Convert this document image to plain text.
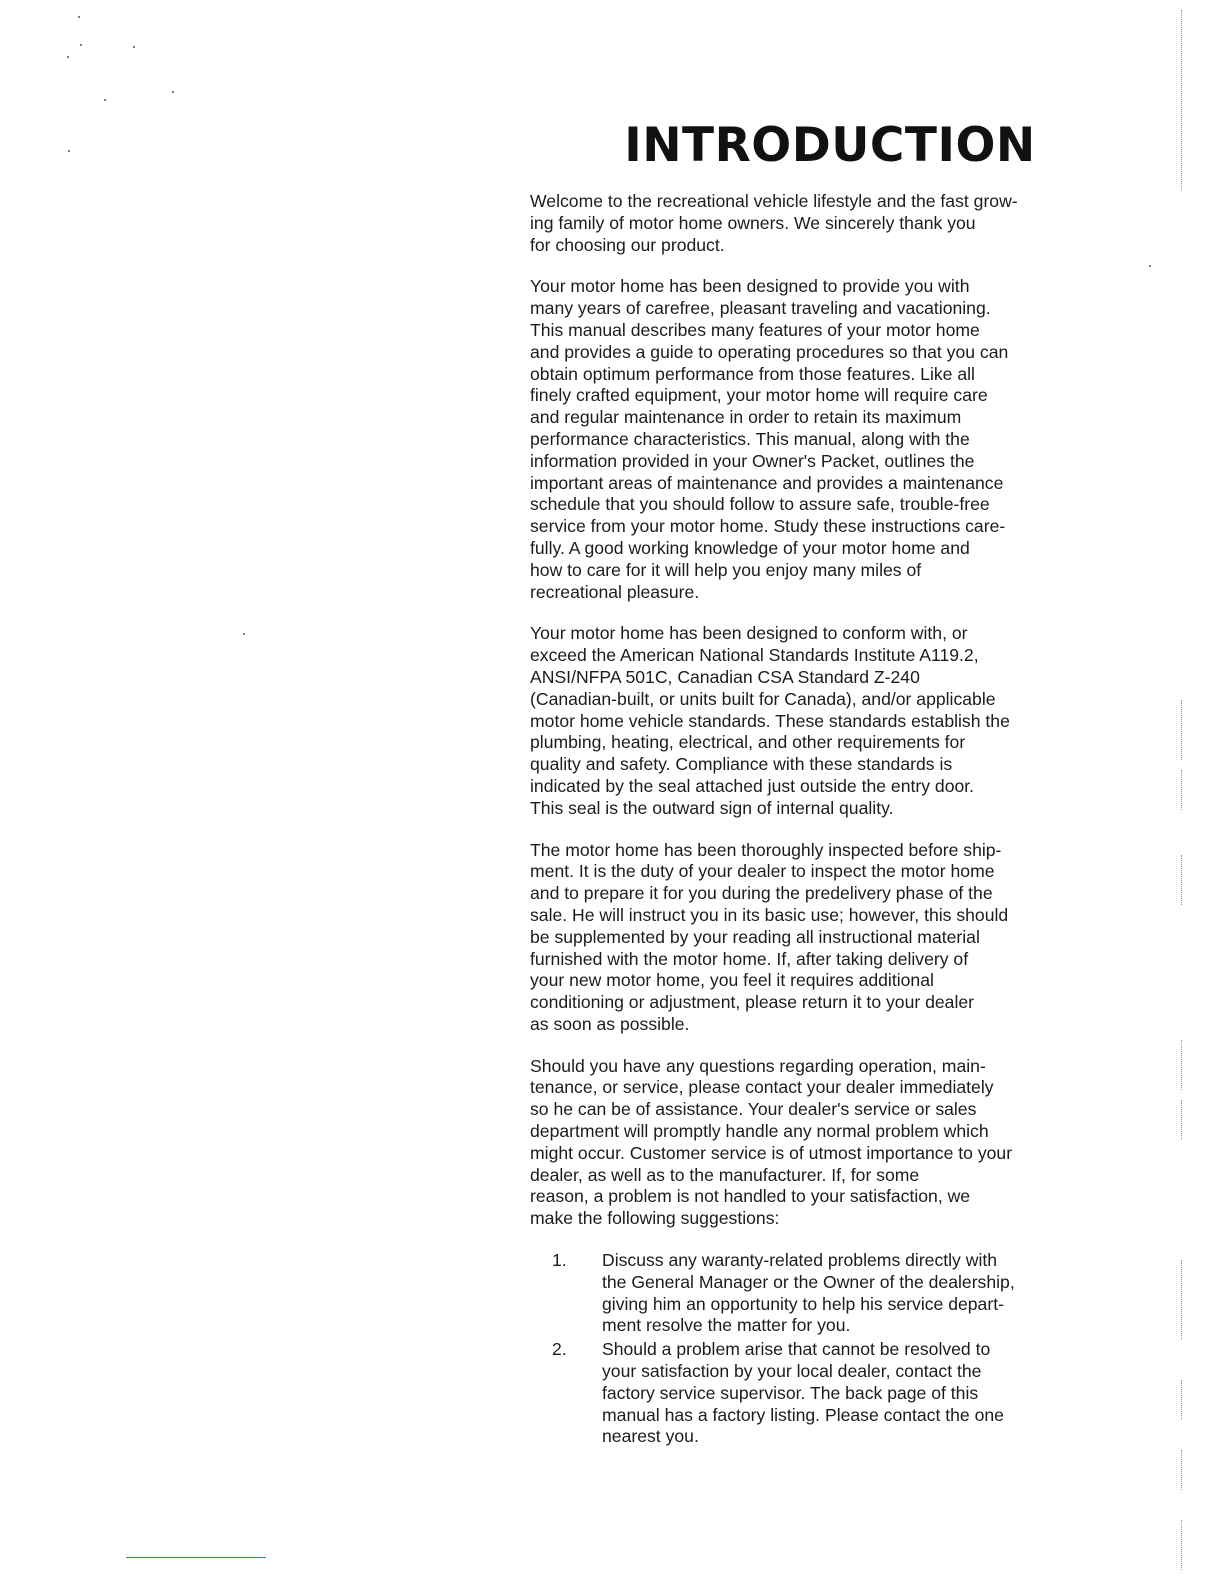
INTRODUCTION

Welcome to the recreational vehicle lifestyle and the fast grow-
ing family of motor home owners. We sincerely thank you
for choosing our product.

Your motor home has been designed to provide you with
many years of carefree, pleasant traveling and vacationing.
This manual describes many features of your motor home
and provides a guide to operating procedures so that you can
obtain optimum performance from those features. Like all
finely crafted equipment, your motor home will require care
and regular maintenance in order to retain its maximum
performance characteristics. This manual, along with the
information provided in your Owner's Packet, outlines the
important areas of maintenance and provides a maintenance
schedule that you should follow to assure safe, trouble-free
service from your motor home. Study these instructions care-
fully. A good working knowledge of your motor home and
how to care for it will help you enjoy many miles of
recreational pleasure.

Your motor home has been designed to conform with, or
exceed the American National Standards Institute A119.2,
ANSI/NFPA 501C, Canadian CSA Standard Z-240
(Canadian-built, or units built for Canada), and/or applicable
motor home vehicle standards. These standards establish the
plumbing, heating, electrical, and other requirements for
quality and safety. Compliance with these standards is
indicated by the seal attached just outside the entry door.
This seal is the outward sign of internal quality.

The motor home has been thoroughly inspected before ship-
ment. It is the duty of your dealer to inspect the motor home
and to prepare it for you during the predelivery phase of the
sale. He will instruct you in its basic use; however, this should
be supplemented by your reading all instructional material
furnished with the motor home. If, after taking delivery of
your new motor home, you feel it requires additional
conditioning or adjustment, please return it to your dealer
as soon as possible.

Should you have any questions regarding operation, main-
tenance, or service, please contact your dealer immediately
so he can be of assistance. Your dealer's service or sales
department will promptly handle any normal problem which
might occur. Customer service is of utmost importance to your
dealer, as well as to the manufacturer. If, for some
reason, a problem is not handled to your satisfaction, we
make the following suggestions:

1. Discuss any waranty-related problems directly with
the General Manager or the Owner of the dealership,
giving him an opportunity to help his service depart-
ment resolve the matter for you.
2. Should a problem arise that cannot be resolved to
your satisfaction by your local dealer, contact the
factory service supervisor. The back page of this
manual has a factory listing. Please contact the one
nearest you.
